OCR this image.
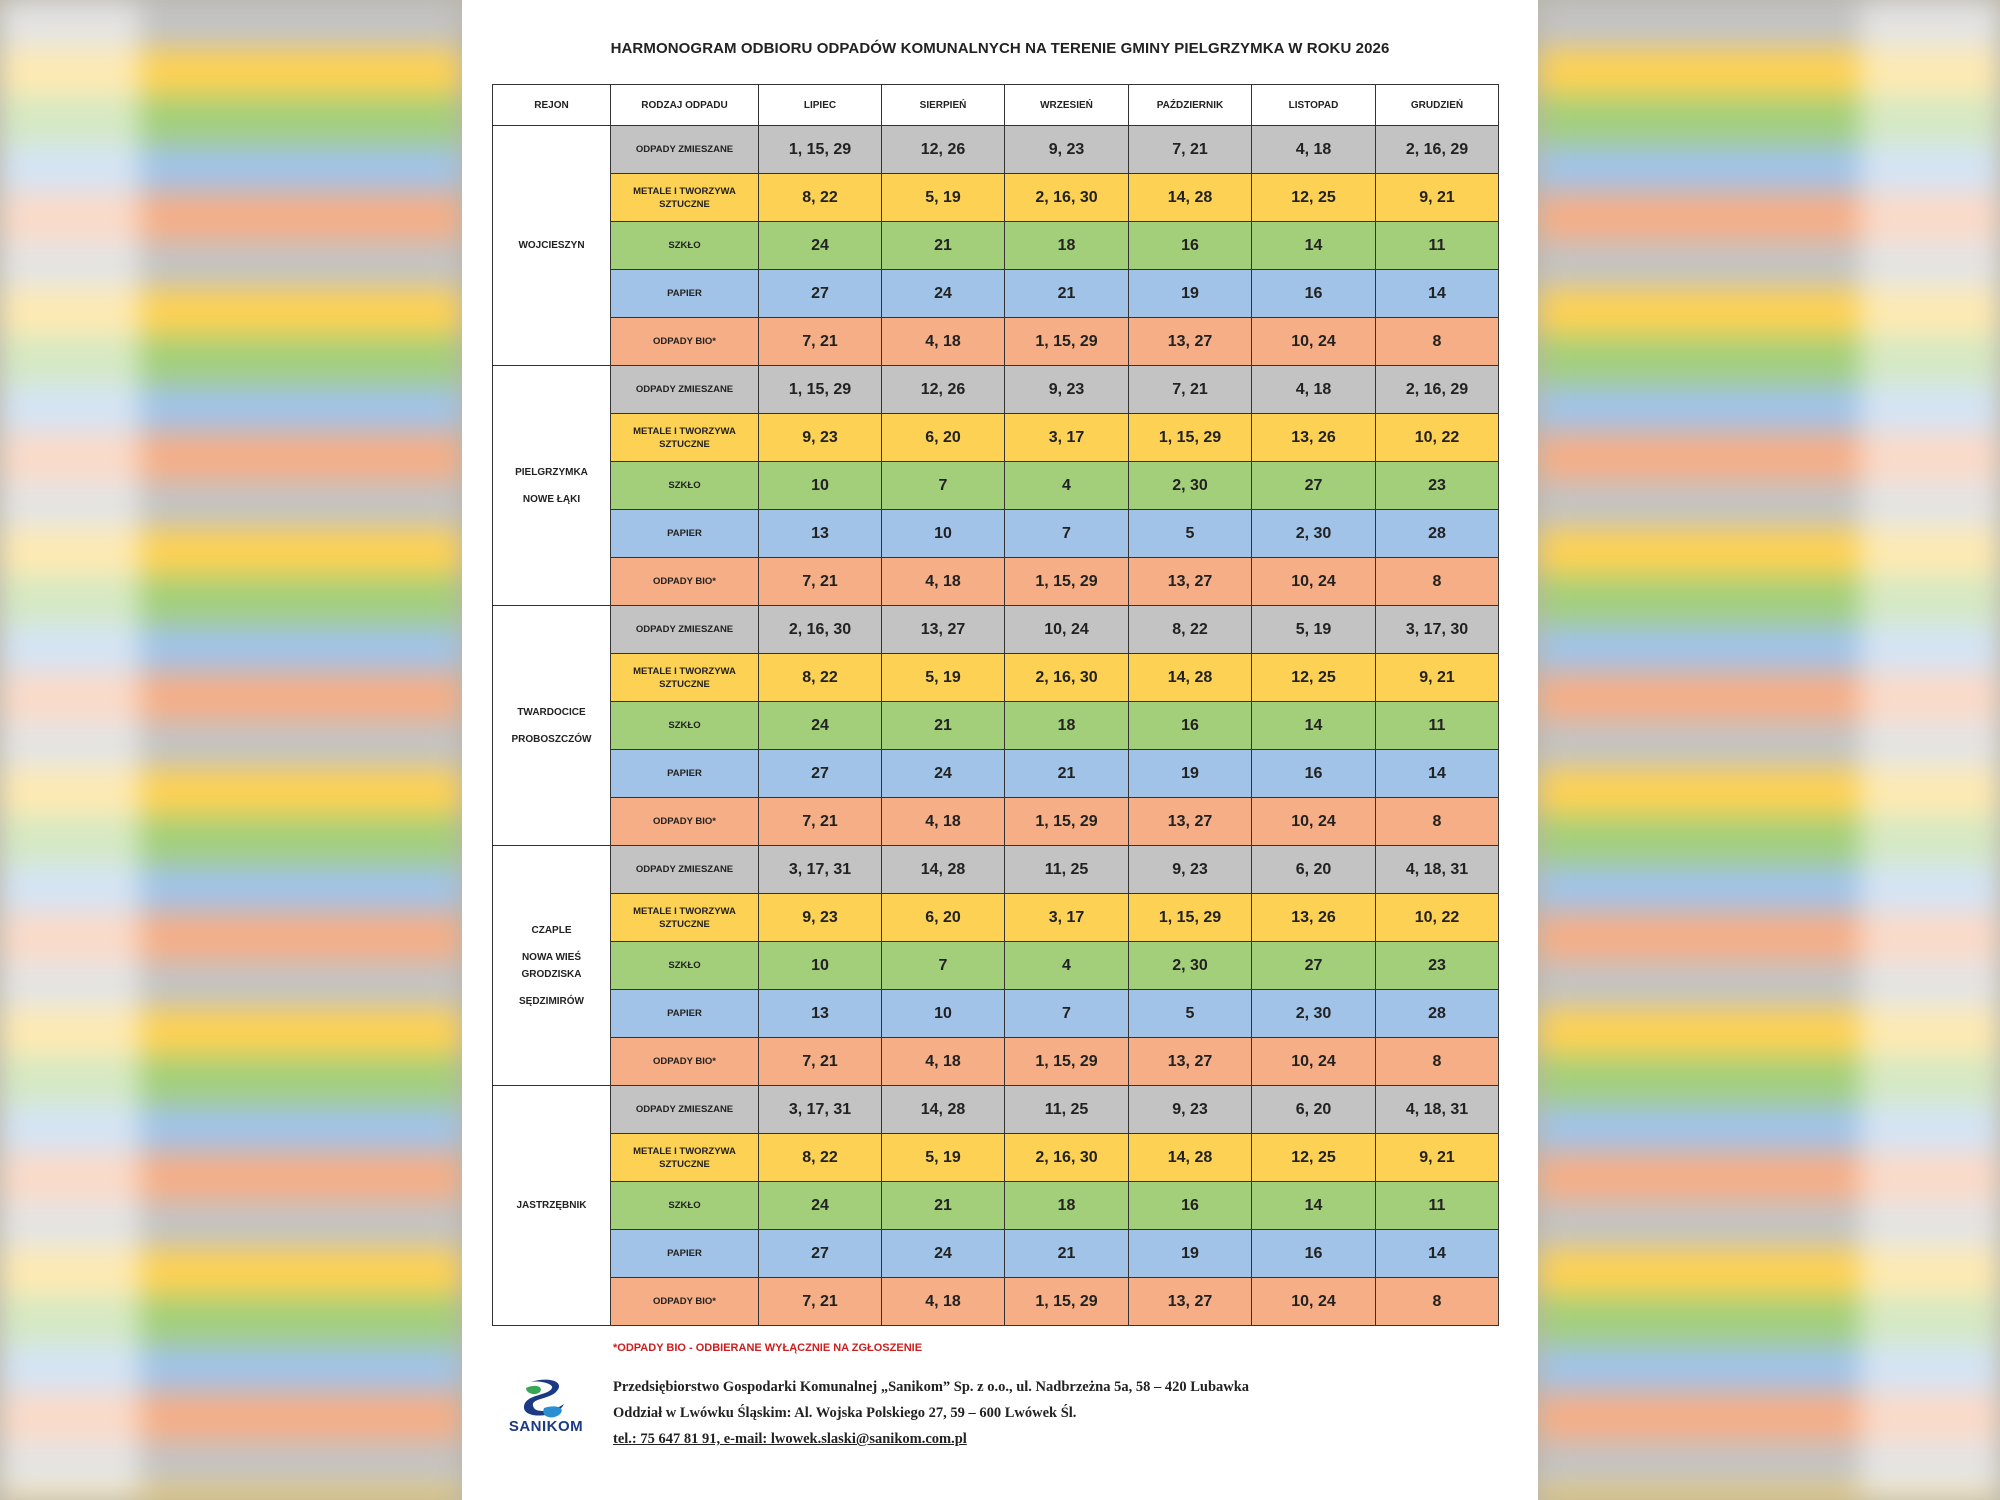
HARMONOGRAM ODBIORU ODPADÓW KOMUNALNYCH NA TERENIE GMINY PIELGRZYMKA W ROKU 2026
REJON	RODZAJ ODPADU	LIPIEC	SIERPIEŃ	WRZESIEŃ	PAŹDZIERNIK	LISTOPAD	GRUDZIEŃ

WOJCIESZYN	ODPADY ZMIESZANE	1, 15, 29	12, 26	9, 23	7, 21	4, 18	2, 16, 29
	METALE I TWORZYWA SZTUCZNE	8, 22	5, 19	2, 16, 30	14, 28	12, 25	9, 21
	SZKŁO	24	21	18	16	14	11
	PAPIER	27	24	21	19	16	14
	ODPADY BIO*	7, 21	4, 18	1, 15, 29	13, 27	10, 24	8

PIELGRZYMKA
NOWE ŁĄKI	ODPADY ZMIESZANE	1, 15, 29	12, 26	9, 23	7, 21	4, 18	2, 16, 29
	METALE I TWORZYWA SZTUCZNE	9, 23	6, 20	3, 17	1, 15, 29	13, 26	10, 22
	SZKŁO	10	7	4	2, 30	27	23
	PAPIER	13	10	7	5	2, 30	28
	ODPADY BIO*	7, 21	4, 18	1, 15, 29	13, 27	10, 24	8

TWARDOCICE
PROBOSZCZÓW	ODPADY ZMIESZANE	2, 16, 30	13, 27	10, 24	8, 22	5, 19	3, 17, 30
	METALE I TWORZYWA SZTUCZNE	8, 22	5, 19	2, 16, 30	14, 28	12, 25	9, 21
	SZKŁO	24	21	18	16	14	11
	PAPIER	27	24	21	19	16	14
	ODPADY BIO*	7, 21	4, 18	1, 15, 29	13, 27	10, 24	8

CZAPLE
NOWA WIEŚ GRODZISKA
SĘDZIMIRÓW	ODPADY ZMIESZANE	3, 17, 31	14, 28	11, 25	9, 23	6, 20	4, 18, 31
	METALE I TWORZYWA SZTUCZNE	9, 23	6, 20	3, 17	1, 15, 29	13, 26	10, 22
	SZKŁO	10	7	4	2, 30	27	23
	PAPIER	13	10	7	5	2, 30	28
	ODPADY BIO*	7, 21	4, 18	1, 15, 29	13, 27	10, 24	8

JASTRZĘBNIK	ODPADY ZMIESZANE	3, 17, 31	14, 28	11, 25	9, 23	6, 20	4, 18, 31
	METALE I TWORZYWA SZTUCZNE	8, 22	5, 19	2, 16, 30	14, 28	12, 25	9, 21
	SZKŁO	24	21	18	16	14	11
	PAPIER	27	24	21	19	16	14
	ODPADY BIO*	7, 21	4, 18	1, 15, 29	13, 27	10, 24	8
*ODPADY BIO - ODBIERANE WYŁĄCZNIE NA ZGŁOSZENIE
SANIKOM
Przedsiębiorstwo Gospodarki Komunalnej „Sanikom” Sp. z o.o., ul. Nadbrzeżna 5a, 58 – 420 Lubawka
Oddział w Lwówku Śląskim: Al. Wojska Polskiego 27, 59 – 600 Lwówek Śl.
tel.: 75 647 81 91, e-mail: lwowek.slaski@sanikom.com.pl
